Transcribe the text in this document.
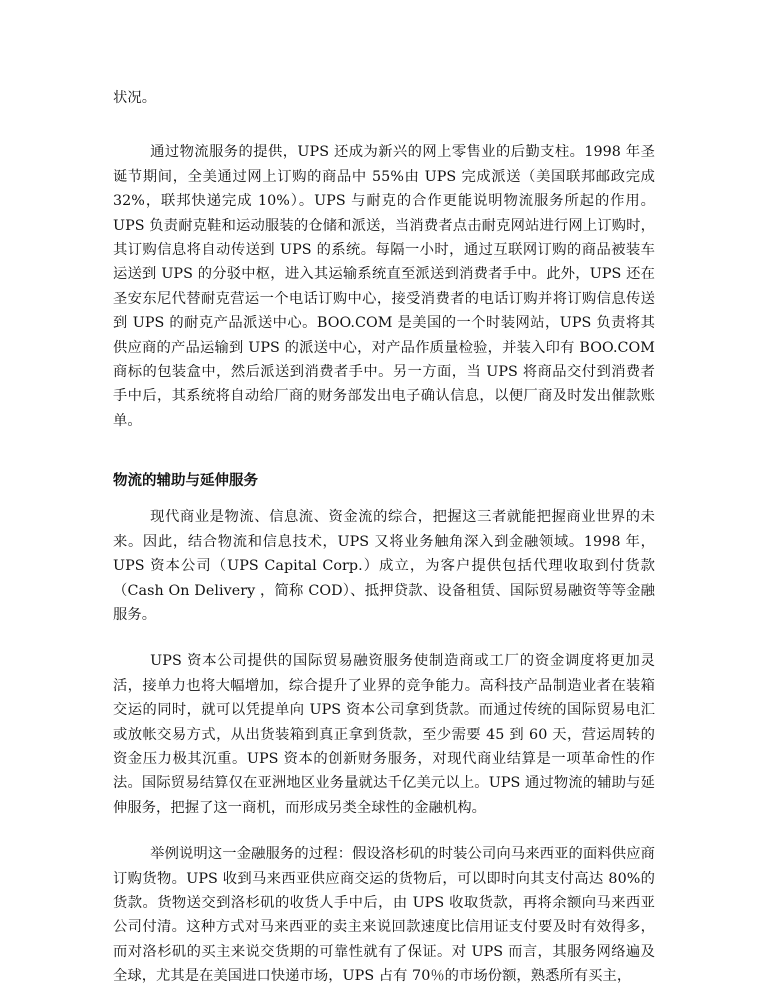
状况。

通过物流服务的提供，UPS 还成为新兴的网上零售业的后勤支柱。1998 年圣诞节期间，全美通过网上订购的商品中 55%由 UPS 完成派送（美国联邦邮政完成 32%，联邦快递完成 10%）。UPS 与耐克的合作更能说明物流服务所起的作用。UPS 负责耐克鞋和运动服装的仓储和派送，当消费者点击耐克网站进行网上订购时，其订购信息将自动传送到 UPS 的系统。每隔一小时，通过互联网订购的商品被装车运送到 UPS 的分驳中枢，进入其运输系统直至派送到消费者手中。此外，UPS 还在圣安东尼代替耐克营运一个电话订购中心，接受消费者的电话订购并将订购信息传送到 UPS 的耐克产品派送中心。BOO.COM 是美国的一个时装网站，UPS 负责将其供应商的产品运输到 UPS 的派送中心，对产品作质量检验，并装入印有 BOO.COM 商标的包装盒中，然后派送到消费者手中。另一方面，当 UPS 将商品交付到消费者手中后，其系统将自动给厂商的财务部发出电子确认信息，以便厂商及时发出催款账单。

物流的辅助与延伸服务

现代商业是物流、信息流、资金流的综合，把握这三者就能把握商业世界的未来。因此，结合物流和信息技术，UPS 又将业务触角深入到金融领域。1998 年，UPS 资本公司（UPS Capital Corp.）成立，为客户提供包括代理收取到付货款（Cash On Delivery ，简称 COD）、抵押贷款、设备租赁、国际贸易融资等等金融服务。

UPS 资本公司提供的国际贸易融资服务使制造商或工厂的资金调度将更加灵活，接单力也将大幅增加，综合提升了业界的竞争能力。高科技产品制造业者在装箱交运的同时，就可以凭提单向 UPS 资本公司拿到货款。而通过传统的国际贸易电汇或放帐交易方式，从出货装箱到真正拿到货款，至少需要 45 到 60 天，营运周转的资金压力极其沉重。UPS 资本的创新财务服务，对现代商业结算是一项革命性的作法。国际贸易结算仅在亚洲地区业务量就达千亿美元以上。UPS 通过物流的辅助与延伸服务，把握了这一商机，而形成另类全球性的金融机构。

举例说明这一金融服务的过程：假设洛杉矶的时装公司向马来西亚的面料供应商订购货物。UPS 收到马来西亚供应商交运的货物后，可以即时向其支付高达 80%的货款。货物送交到洛杉矶的收货人手中后，由 UPS 收取货款，再将余额向马来西亚公司付清。这种方式对马来西亚的卖主来说回款速度比信用证支付要及时有效得多，而对洛杉矶的买主来说交货期的可靠性就有了保证。对 UPS 而言，其服务网络遍及全球，尤其是在美国进口快递市场，UPS 占有 70％的市场份额，熟悉所有买主，
